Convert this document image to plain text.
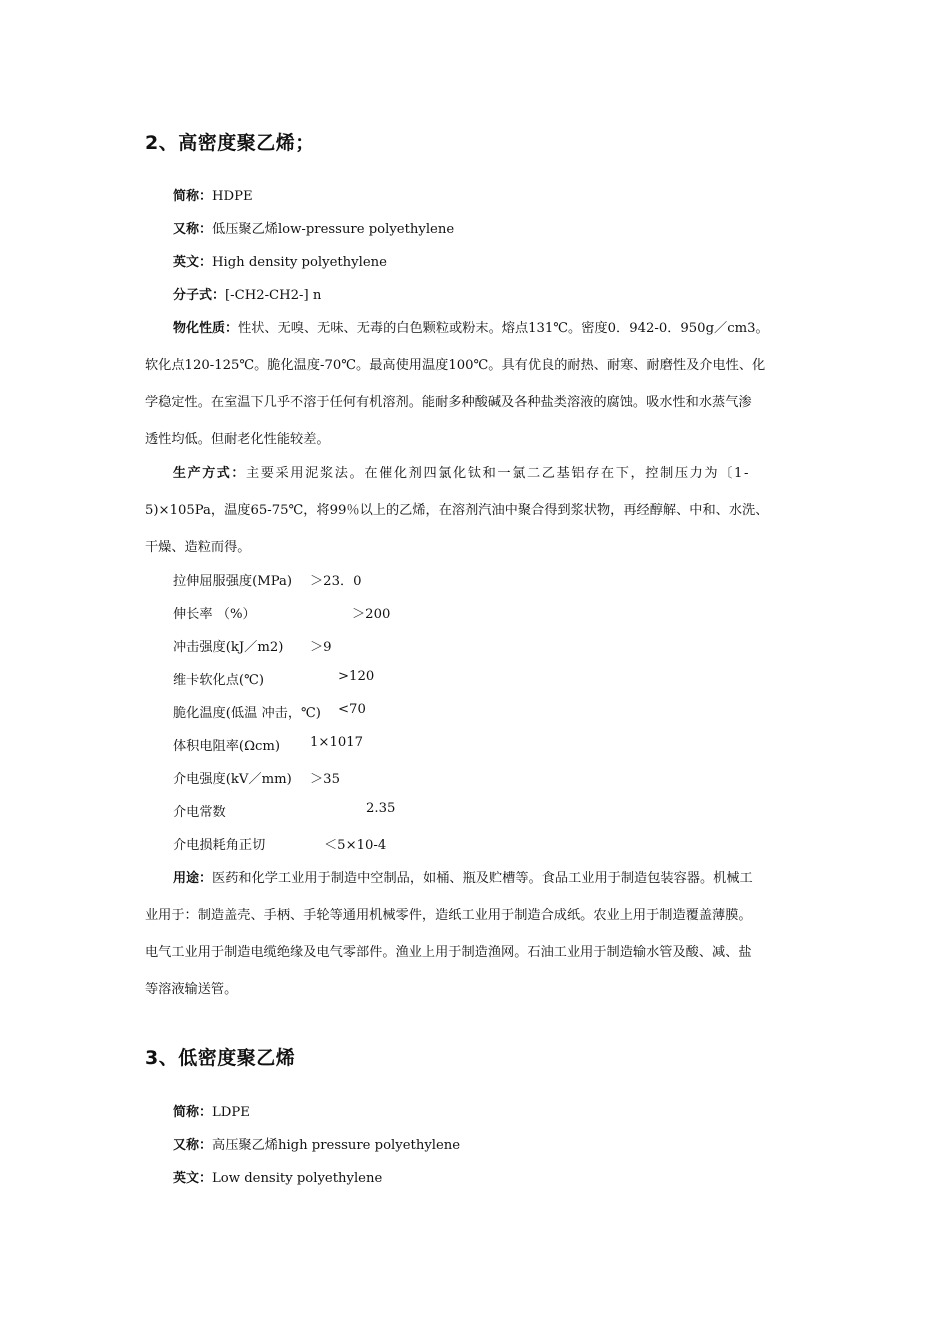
2、高密度聚乙烯；
简称：HDPE
又称：低压聚乙烯low-pressure polyethylene
英文：High density polyethylene
分子式：[-CH2-CH2-] n
物化性质：性状、无嗅、无味、无毒的白色颗粒或粉末。熔点131℃。密度0．942-0．950g／cm3。
软化点120-125℃。脆化温度-70℃。最高使用温度100℃。具有优良的耐热、耐寒、耐磨性及介电性、化
学稳定性。在室温下几乎不溶于任何有机溶剂。能耐多种酸碱及各种盐类溶液的腐蚀。吸水性和水蒸气渗
透性均低。但耐老化性能较差。
生产方式：主要采用泥浆法。在催化剂四氯化钛和一氯二乙基铝存在下，控制压力为〔1-
5)×105Pa，温度65-75℃，将99％以上的乙烯，在溶剂汽油中聚合得到浆状物，再经醇解、中和、水洗、
干燥、造粒而得。
拉伸屈服强度(MPa) ＞23．0
伸长率 （%）	＞200
冲击强度(kJ／m2) ＞9
维卡软化点(℃)	>120
脆化温度(低温 冲击，℃) <70
体积电阻率(Ωcm) 1×1017
介电强度(kV／mm) ＞35
介电常数	2.35
介电损耗角正切	＜5×10-4
用途：医药和化学工业用于制造中空制品，如桶、瓶及贮槽等。食品工业用于制造包装容器。机械工
业用于：制造盖壳、手柄、手轮等通用机械零件，造纸工业用于制造合成纸。农业上用于制造覆盖薄膜。
电气工业用于制造电缆绝缘及电气零部件。渔业上用于制造渔网。石油工业用于制造输水管及酸、减、盐
等溶液输送管。
3、低密度聚乙烯
简称：LDPE
又称：高压聚乙烯high pressure polyethylene
英文：Low density polyethylene
